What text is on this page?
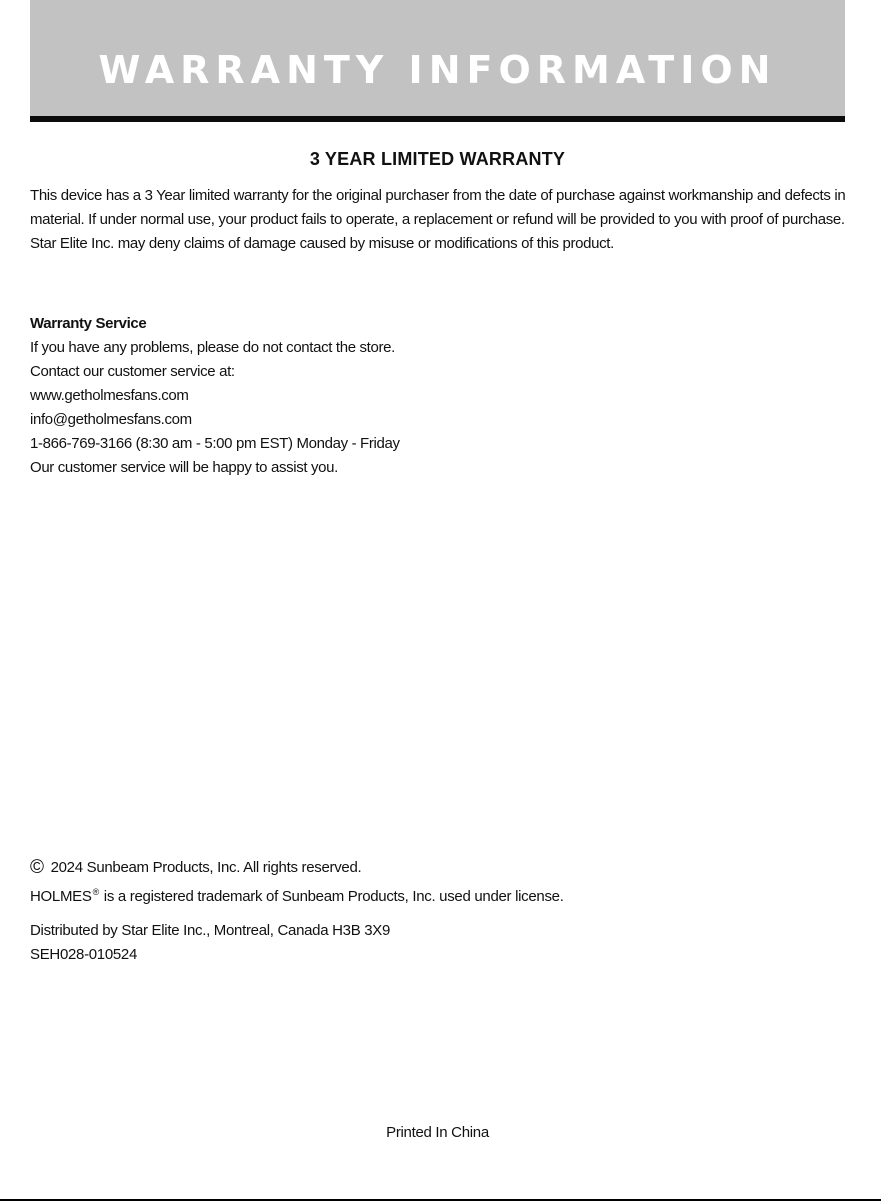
WARRANTY INFORMATION
3 YEAR LIMITED WARRANTY
This device has a 3 Year limited warranty for the original purchaser from the date of purchase against workmanship and defects in material. If under normal use, your product fails to operate, a replacement or refund will be provided to you with proof of purchase. Star Elite Inc. may deny claims of damage caused by misuse or modifications of this product.
Warranty Service
If you have any problems, please do not contact the store.
Contact our customer service at:
www.getholmesfans.com
info@getholmesfans.com
1-866-769-3166 (8:30 am - 5:00 pm EST) Monday - Friday
Our customer service will be happy to assist you.
© 2024 Sunbeam Products, Inc. All rights reserved.
HOLMES® is a registered trademark of Sunbeam Products, Inc. used under license.
Distributed by Star Elite Inc., Montreal, Canada H3B 3X9
SEH028-010524
Printed In China
